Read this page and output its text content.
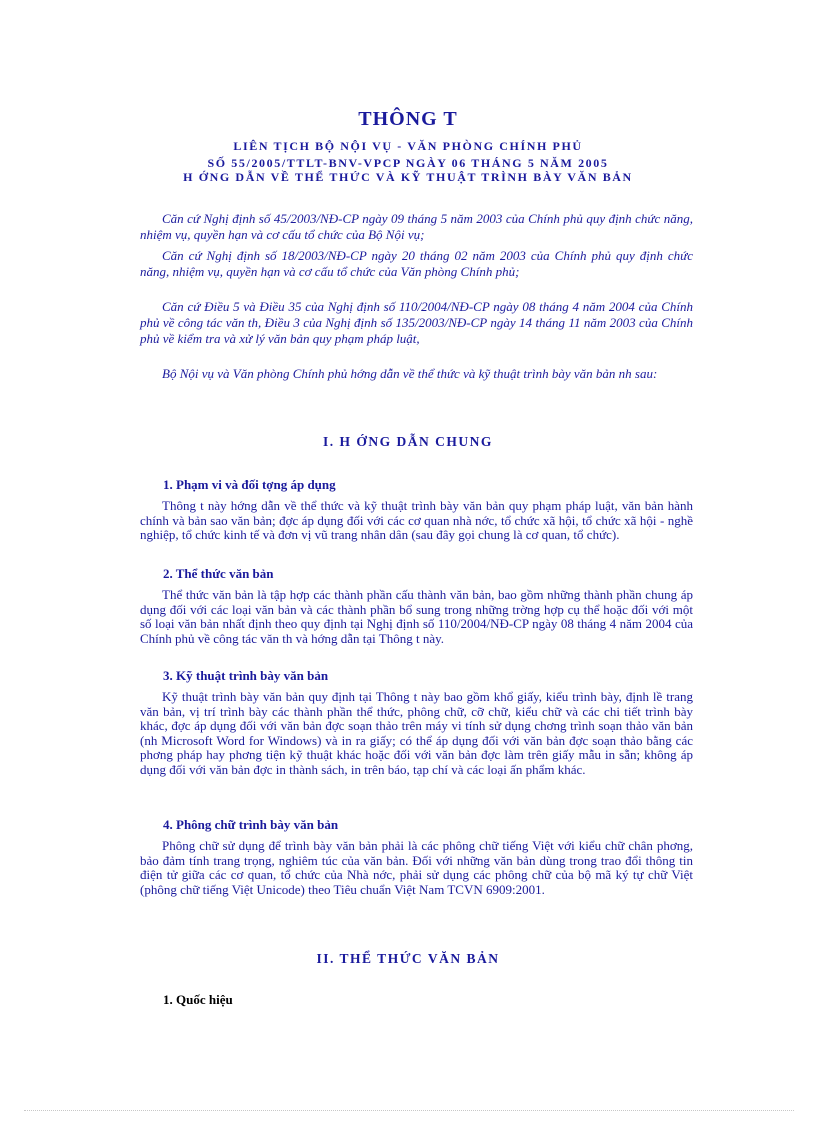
THÔNG T
LIÊN TỊCH BỘ NỘI VỤ - VĂN PHÒNG CHÍNH PHỦ
SỐ 55/2005/TTLT-BNV-VPCP NGÀY 06 THÁNG 5 NĂM 2005
H ỚNG DẪN VỀ THỂ THỨC VÀ KỸ THUẬT TRÌNH BÀY VĂN BẢN
Căn cứ Nghị định số 45/2003/NĐ-CP ngày 09 tháng 5 năm 2003 của Chính phủ quy định chức năng, nhiệm vụ, quyền hạn và cơ cấu tổ chức của Bộ Nội vụ;
Căn cứ Nghị định số 18/2003/NĐ-CP ngày 20 tháng 02 năm 2003 của Chính phủ quy định chức năng, nhiệm vụ, quyền hạn và cơ cấu tổ chức của Văn phòng Chính phủ;
Căn cứ Điều 5 và Điều 35 của Nghị định số 110/2004/NĐ-CP ngày 08 tháng 4 năm 2004 của Chính phủ về công tác văn th, Điều 3 của Nghị định số 135/2003/NĐ-CP ngày 14 tháng 11 năm 2003 của Chính phủ về kiểm tra và xử lý văn bản quy phạm pháp luật,
Bộ Nội vụ và Văn phòng Chính phủ hớng dẫn về thể thức và kỹ thuật trình bày văn bản nh sau:
I. H ỚNG DẪN CHUNG
1. Phạm vi và đối tợng áp dụng
Thông t này hớng dẫn về thể thức và kỹ thuật trình bày văn bản quy phạm pháp luật, văn bản hành chính và bản sao văn bản; đợc áp dụng đối với các cơ quan nhà nớc, tổ chức xã hội, tổ chức xã hội - nghề nghiệp, tổ chức kinh tế và đơn vị vũ trang nhân dân (sau đây gọi chung là cơ quan, tổ chức).
2. Thể thức văn bản
Thể thức văn bản là tập hợp các thành phần cấu thành văn bản, bao gồm những thành phần chung áp dụng đối với các loại văn bản và các thành phần bổ sung trong những trờng hợp cụ thể hoặc đối với một số loại văn bản nhất định theo quy định tại Nghị định số 110/2004/NĐ-CP ngày 08 tháng 4 năm 2004 của Chính phủ về công tác văn th và hớng dẫn tại Thông t này.
3. Kỹ thuật trình bày văn bản
Kỹ thuật trình bày văn bản quy định tại Thông t này bao gồm khổ giấy, kiểu trình bày, định lề trang văn bản, vị trí trình bày các thành phần thể thức, phông chữ, cỡ chữ, kiểu chữ và các chi tiết trình bày khác, đợc áp dụng đối với văn bản đợc soạn thảo trên máy vi tính sử dụng chơng trình soạn thảo văn bản (nh Microsoft Word for Windows) và in ra giấy; có thể áp dụng đối với văn bản đợc soạn thảo bằng các phơng pháp hay phơng tiện kỹ thuật khác hoặc đối với văn bản đợc làm trên giấy mẫu in sẵn; không áp dụng đối với văn bản đợc in thành sách, in trên báo, tạp chí và các loại ấn phẩm khác.
4. Phông chữ trình bày văn bản
Phông chữ sử dụng để trình bày văn bản phải là các phông chữ tiếng Việt với kiểu chữ chân phơng, bảo đảm tính trang trọng, nghiêm túc của văn bản. Đối với những văn bản dùng trong trao đổi thông tin điện tử giữa các cơ quan, tổ chức của Nhà nớc, phải sử dụng các phông chữ của bộ mã ký tự chữ Việt (phông chữ tiếng Việt Unicode) theo Tiêu chuẩn Việt Nam TCVN 6909:2001.
II. THỂ THỨC VĂN BẢN
1. Quốc hiệu
